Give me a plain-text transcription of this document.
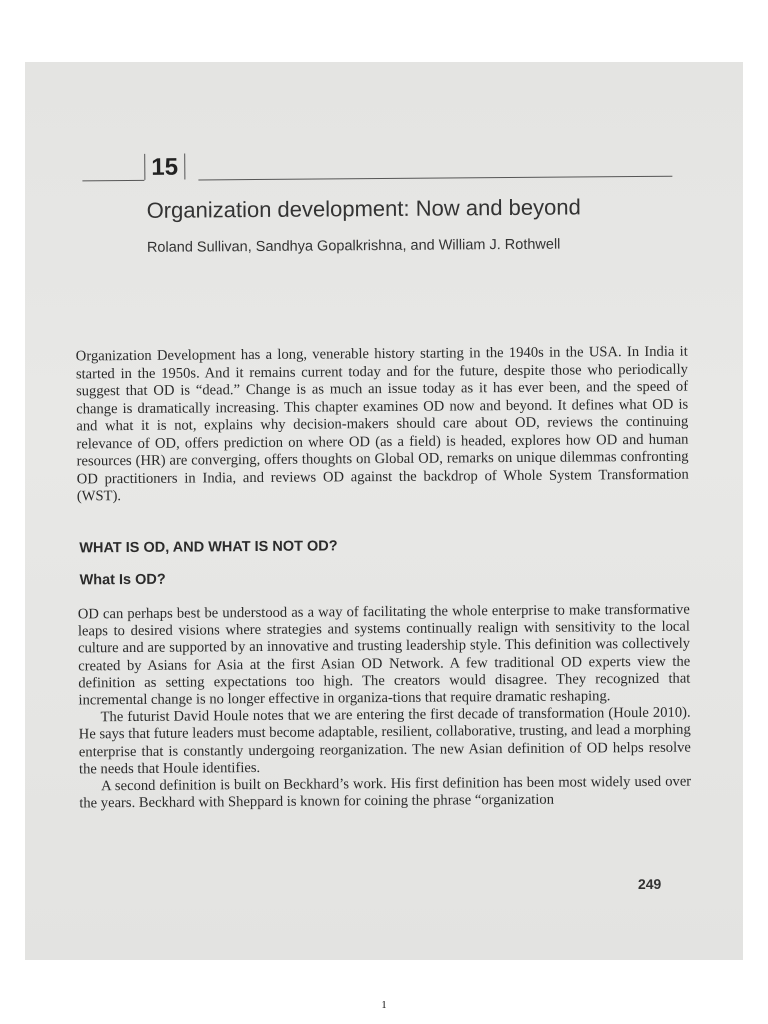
15
Organization development: Now and beyond
Roland Sullivan, Sandhya Gopalkrishna, and William J. Rothwell

Organization Development has a long, venerable history starting in the 1940s in the USA. In India it started in the 1950s. And it remains current today and for the future, despite those who periodically suggest that OD is “dead.” Change is as much an issue today as it has ever been, and the speed of change is dramatically increasing. This chapter examines OD now and beyond. It defines what OD is and what it is not, explains why decision-makers should care about OD, reviews the continuing relevance of OD, offers prediction on where OD (as a field) is headed, explores how OD and human resources (HR) are converging, offers thoughts on Global OD, remarks on unique dilemmas confronting OD practitioners in India, and reviews OD against the backdrop of Whole System Transformation (WST).

WHAT IS OD, AND WHAT IS NOT OD?
What Is OD?

OD can perhaps best be understood as a way of facilitating the whole enterprise to make transformative leaps to desired visions where strategies and systems continually realign with sensitivity to the local culture and are supported by an innovative and trusting leadership style. This definition was collectively created by Asians for Asia at the first Asian OD Network. A few traditional OD experts view the definition as setting expectations too high. The creators would disagree. They recognized that incremental change is no longer effective in organiza-tions that require dramatic reshaping.

The futurist David Houle notes that we are entering the first decade of transformation (Houle 2010). He says that future leaders must become adaptable, resilient, collaborative, trusting, and lead a morphing enterprise that is constantly undergoing reorganization. The new Asian definition of OD helps resolve the needs that Houle identifies.

A second definition is built on Beckhard’s work. His first definition has been most widely used over the years. Beckhard with Sheppard is known for coining the phrase “organization

249
1
